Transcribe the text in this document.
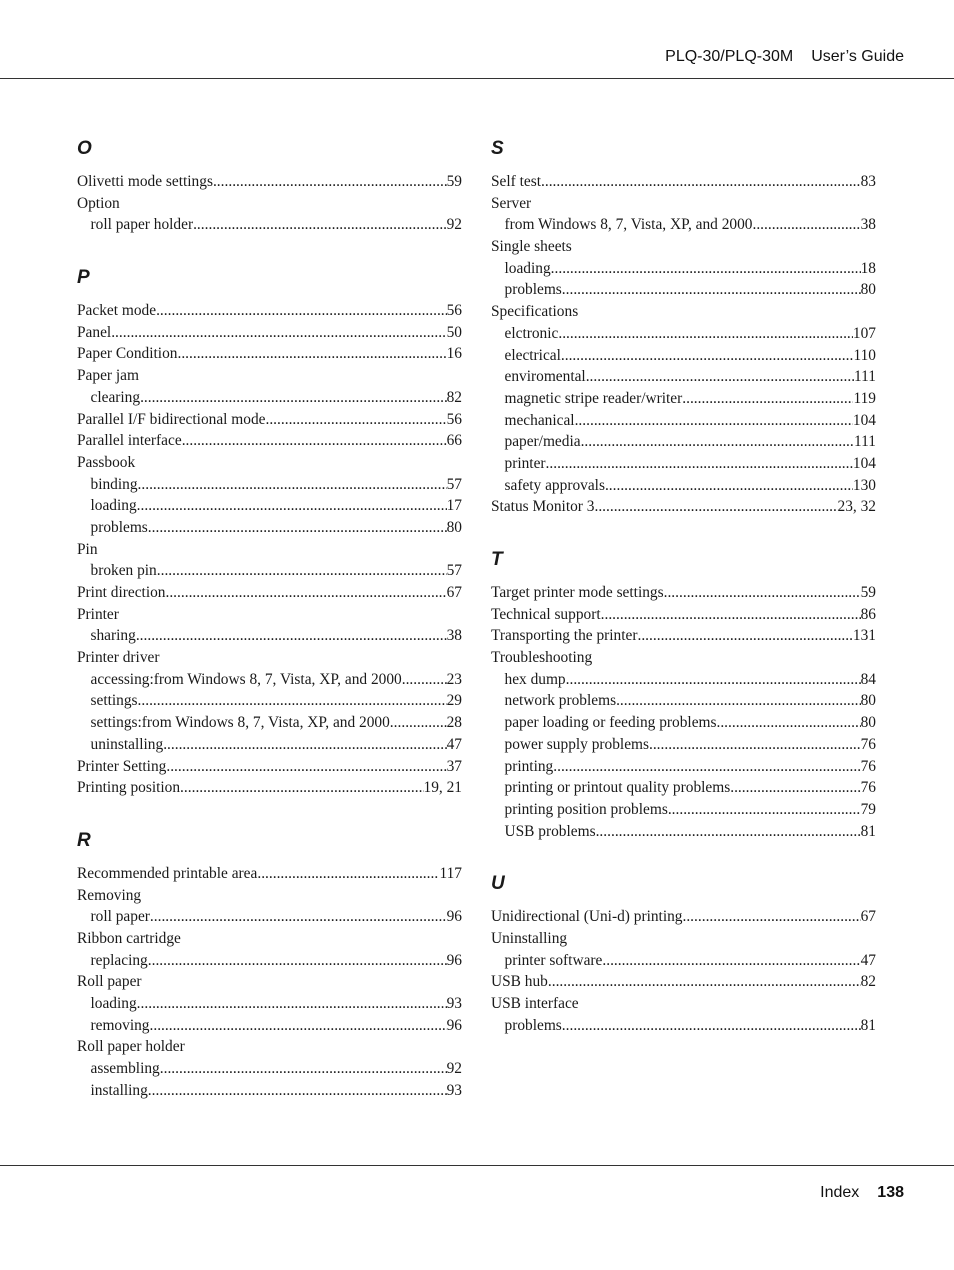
PLQ-30/PLQ-30M User’s Guide
O
Olivetti mode settings .....	59
Option
roll paper holder .....	92
P
Packet mode .....	56
Panel .....	50
Paper Condition .....	16
Paper jam
clearing .....	82
Parallel I/F bidirectional mode .....	56
Parallel interface .....	66
Passbook
binding .....	57
loading .....	17
problems .....	80
Pin
broken pin .....	57
Print direction .....	67
Printer
sharing .....	38
Printer driver
accessing:from Windows 8, 7, Vista, XP, and 2000 .....	23
settings .....	29
settings:from Windows 8, 7, Vista, XP, and 2000 .....	28
uninstalling .....	47
Printer Setting .....	37
Printing position .....	19, 21
R
Recommended printable area .....	117
Removing
roll paper .....	96
Ribbon cartridge
replacing .....	96
Roll paper
loading .....	93
removing .....	96
Roll paper holder
assembling .....	92
installing .....	93
S
Self test .....	83
Server
from Windows 8, 7, Vista, XP, and 2000 .....	38
Single sheets
loading .....	18
problems .....	80
Specifications
elctronic .....	107
electrical .....	110
enviromental .....	111
magnetic stripe reader/writer .....	119
mechanical .....	104
paper/media .....	111
printer .....	104
safety approvals .....	130
Status Monitor 3 .....	23, 32
T
Target printer mode settings .....	59
Technical support .....	86
Transporting the printer .....	131
Troubleshooting
hex dump .....	84
network problems .....	80
paper loading or feeding problems .....	80
power supply problems .....	76
printing .....	76
printing or printout quality problems .....	76
printing position problems .....	79
USB problems .....	81
U
Unidirectional (Uni-d) printing .....	67
Uninstalling
printer software .....	47
USB hub .....	82
USB interface
problems .....	81
Index 138
